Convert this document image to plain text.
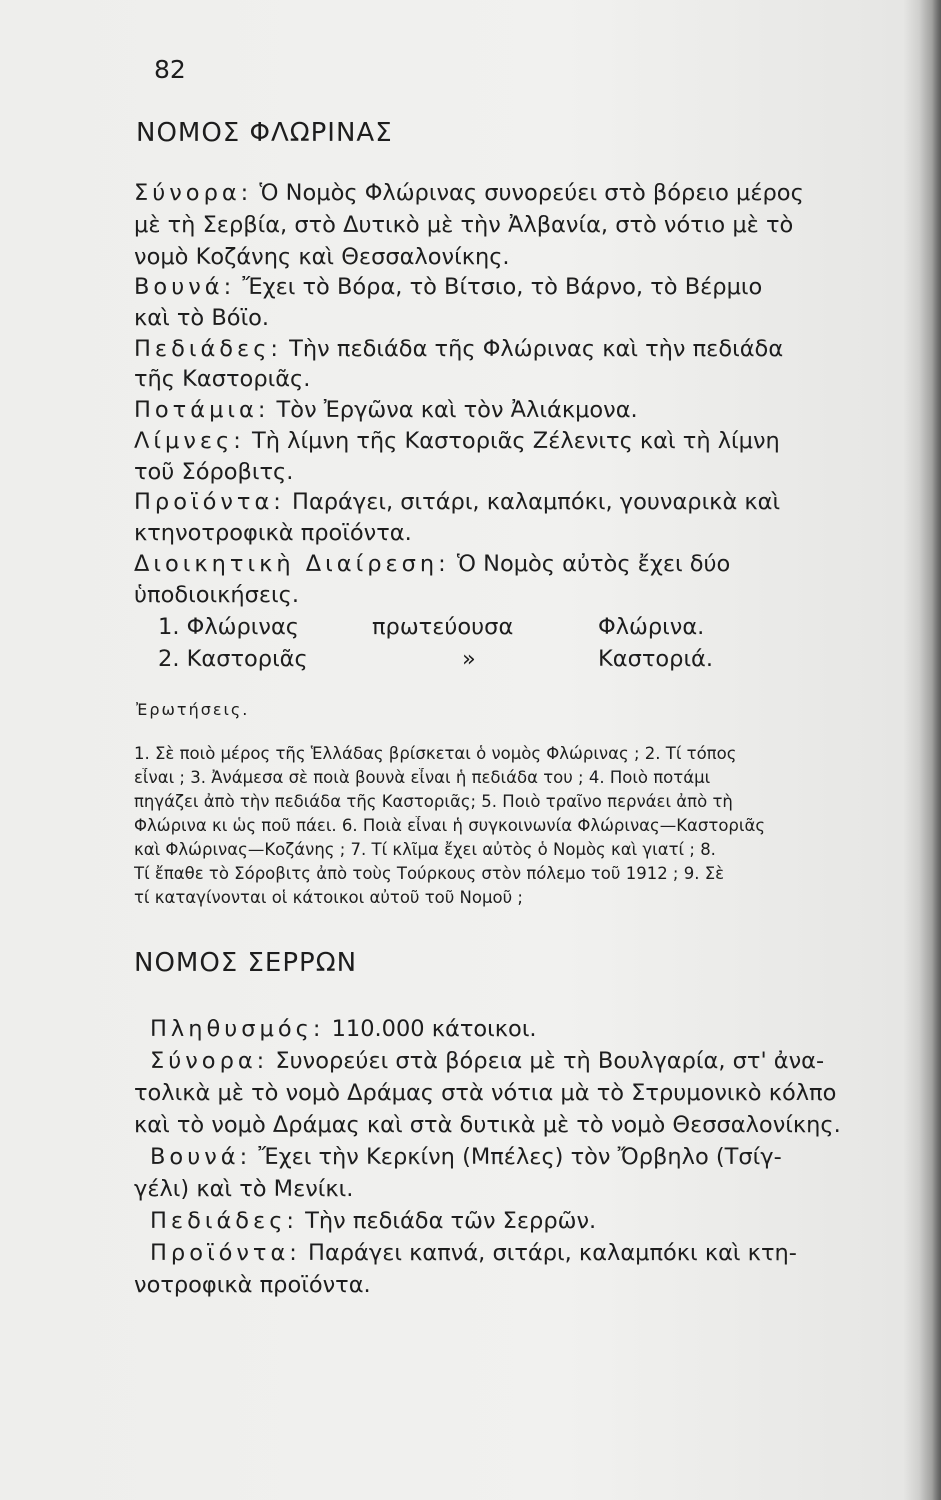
82
ΝΟΜΟΣ ΦΛΩΡΙΝΑΣ
Σύνορα: Ὁ Νομὸς Φλώρινας συνορεύει στὸ βόρειο μέρος
μὲ τὴ Σερβία, στὸ Δυτικὸ μὲ τὴν Ἀλβανία, στὸ νότιο μὲ τὸ
νομὸ Κοζάνης καὶ Θεσσαλονίκης.
Βουνά: Ἔχει τὸ Βόρα, τὸ Βίτσιο, τὸ Βάρνο, τὸ Βέρμιο
καὶ τὸ Βόϊο.
Πεδιάδες: Τὴν πεδιάδα τῆς Φλώρινας καὶ τὴν πεδιάδα
τῆς Καστοριᾶς.
Ποτάμια: Τὸν Ἐργῶνα καὶ τὸν Ἀλιάκμονα.
Λίμνες: Τὴ λίμνη τῆς Καστοριᾶς Ζέλενιτς καὶ τὴ λίμνη
τοῦ Σόροβιτς.
Προϊόντα: Παράγει, σιτάρι, καλαμπόκι, γουναρικὰ καὶ
κτηνοτροφικὰ προϊόντα.
Διοικητικὴ Διαίρεση: Ὁ Νομὸς αὐτὸς ἔχει δύο
ὑποδιοικήσεις.
1. Φλώρινας	πρωτεύουσα	Φλώρινα.
2. Καστοριᾶς	»	Καστοριά.
Ἐρωτήσεις.
1. Σὲ ποιὸ μέρος τῆς Ἑλλάδας βρίσκεται ὁ νομὸς Φλώρινας ; 2. Τί τόπος
εἶναι ; 3. Ἀνάμεσα σὲ ποιὰ βουνὰ εἶναι ἡ πεδιάδα του ; 4. Ποιὸ ποτάμι
πηγάζει ἀπὸ τὴν πεδιάδα τῆς Καστοριᾶς; 5. Ποιὸ τραῖνο περνάει ἀπὸ τὴ
Φλώρινα κι ὡς ποῦ πάει. 6. Ποιὰ εἶναι ἡ συγκοινωνία Φλώρινας—Καστοριᾶς
καὶ Φλώρινας—Κοζάνης ; 7. Τί κλῖμα ἔχει αὐτὸς ὁ Νομὸς καὶ γιατί ; 8.
Τί ἔπαθε τὸ Σόροβιτς ἀπὸ τοὺς Τούρκους στὸν πόλεμο τοῦ 1912 ; 9. Σὲ
τί καταγίνονται οἱ κάτοικοι αὐτοῦ τοῦ Νομοῦ ;
ΝΟΜΟΣ ΣΕΡΡΩΝ
Πληθυσμός: 110.000 κάτοικοι.
Σύνορα: Συνορεύει στὰ βόρεια μὲ τὴ Βουλγαρία, στ' ἀνα-
τολικὰ μὲ τὸ νομὸ Δράμας στὰ νότια μὰ τὸ Στρυμονικὸ κόλπο
καὶ τὸ νομὸ Δράμας καὶ στὰ δυτικὰ μὲ τὸ νομὸ Θεσσαλονίκης.
Βουνά: Ἔχει τὴν Κερκίνη (Μπέλες) τὸν Ὄρβηλο (Τσίγ-
γέλι) καὶ τὸ Μενίκι.
Πεδιάδες: Τὴν πεδιάδα τῶν Σερρῶν.
Προϊόντα: Παράγει καπνά, σιτάρι, καλαμπόκι καὶ κτη-
νοτροφικὰ προϊόντα.
